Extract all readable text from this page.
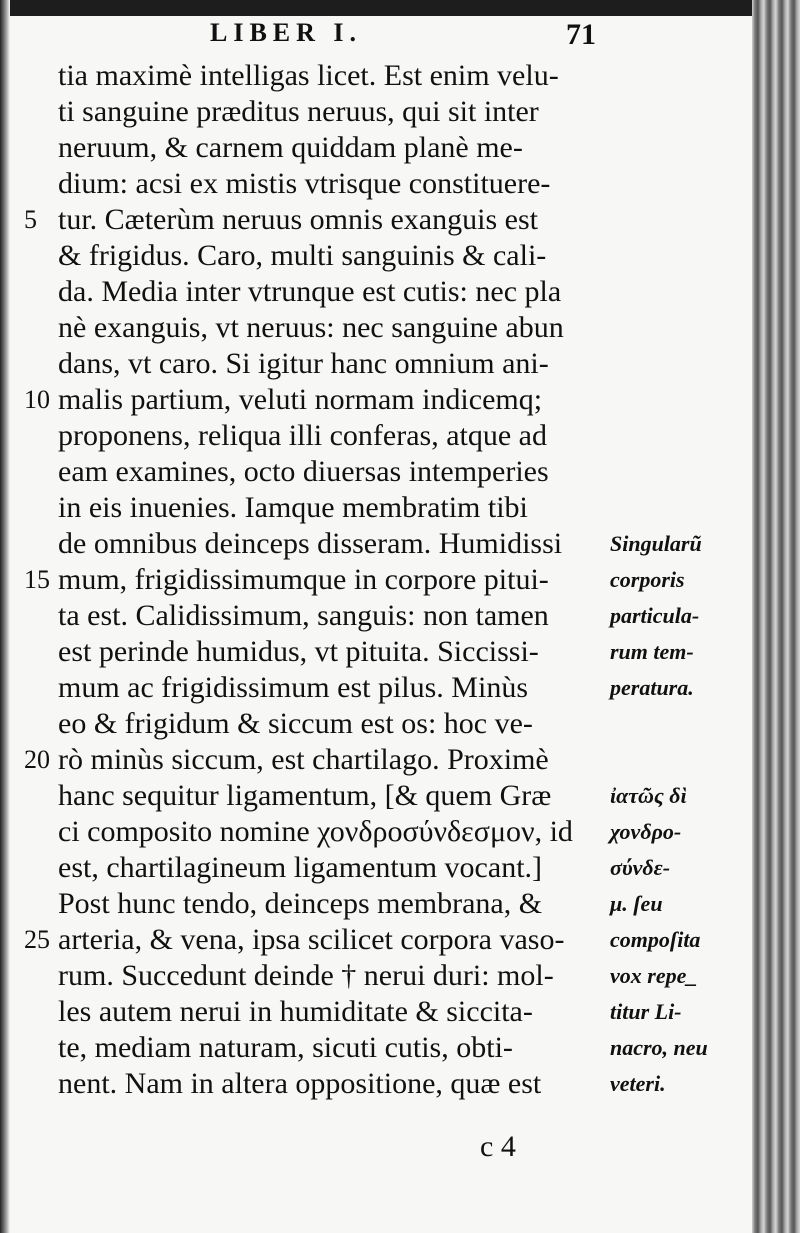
LIBER I.	71
tia maximè intelligas licet. Est enim velu-
ti sanguine præditus neruus, qui sit inter
neruum, & carnem quiddam planè me-
dium: acsi ex mistis vtrisque constituere-
tur. Cæterùm neruus omnis exanguis est
& frigidus. Caro, multi sanguinis & cali-
da. Media inter vtrunque est cutis: nec pla
nè exanguis, vt neruus: nec sanguine abun
dans, vt caro. Si igitur hanc omnium ani-
malis partium, veluti normam indicemq;
proponens, reliqua illi conferas, atque ad
eam examines, octo diuersas intemperies
in eis inuenies. Iamque membratim tibi
de omnibus deinceps disseram. Humidissi
mum, frigidissimumque in corpore pitui-
ta est. Calidissimum, sanguis: non tamen
est perinde humidus, vt pituita. Siccissi-
mum ac frigidissimum est pilus. Minùs
eo & frigidum & siccum est os: hoc ve-
rò minùs siccum, est chartilago. Proximè
hanc sequitur ligamentum, [& quem Græ
ci composito nomine χονδροσύνδεσμον, id
est, chartilagineum ligamentum vocant.]
Post hunc tendo, deinceps membrana, &
arteria, & vena, ipsa scilicet corpora vaso-
rum. Succedunt deinde † nerui duri: mol-
les autem nerui in humiditate & siccita-
te, mediam naturam, sicuti cutis, obti-
nent. Nam in altera oppositione, quæ est
5
10
15
20
25
Singularũ
corporis
particula-
rum tem-
peratura.
ἰατῶς δὶ
χονδρο-
σύνδε-
μ. ſeu
compoſita
vox repe_
titur Li-
nacro, neu
veteri.
c 4
